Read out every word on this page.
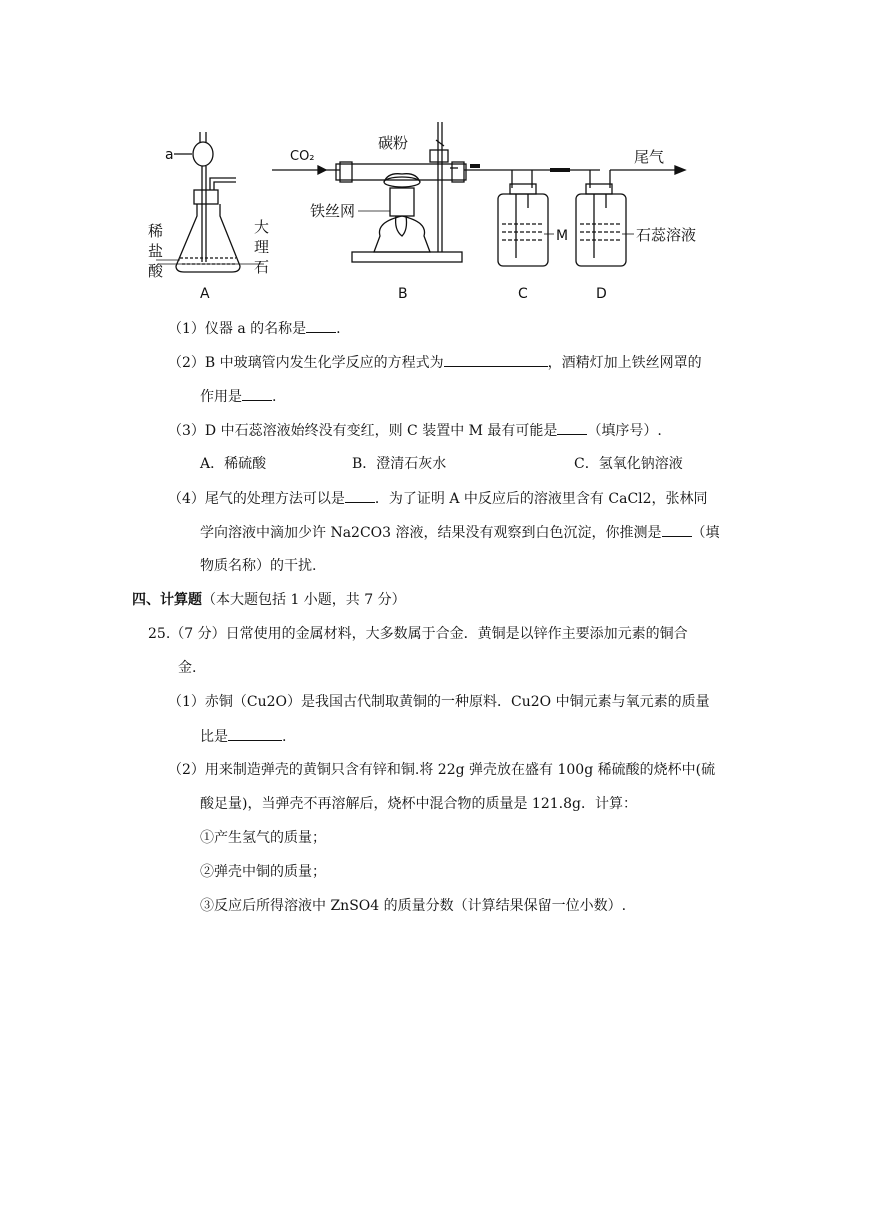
a
稀
盐
酸
大
理
石
A
CO₂
碳粉
铁丝网
B
M
C
尾气
石蕊溶液
D
（1）仪器 a 的名称是 .
（2）B 中玻璃管内发生化学反应的方程式为	，酒精灯加上铁丝网罩的
作用是 .
（3）D 中石蕊溶液始终没有变红，则 C 装置中 M 最有可能是 （填序号）.
A．稀硫酸	B．澄清石灰水	C．氢氧化钠溶液
（4）尾气的处理方法可以是 ．为了证明 A 中反应后的溶液里含有 CaCl2，张林同
学向溶液中滴加少许 Na2CO3 溶液，结果没有观察到白色沉淀，你推测是 （填
物质名称）的干扰.
四、计算题（本大题包括 1 小题，共 7 分）
25.（7 分）日常使用的金属材料，大多数属于合金．黄铜是以锌作主要添加元素的铜合
金.
（1）赤铜（Cu2O）是我国古代制取黄铜的一种原料．Cu2O 中铜元素与氧元素的质量
比是	.
（2）用来制造弹壳的黄铜只含有锌和铜.将 22g 弹壳放在盛有 100g 稀硫酸的烧杯中(硫
酸足量)，当弹壳不再溶解后，烧杯中混合物的质量是 121.8g．计算：
①产生氢气的质量；
②弹壳中铜的质量；
③反应后所得溶液中 ZnSO4 的质量分数（计算结果保留一位小数）.
